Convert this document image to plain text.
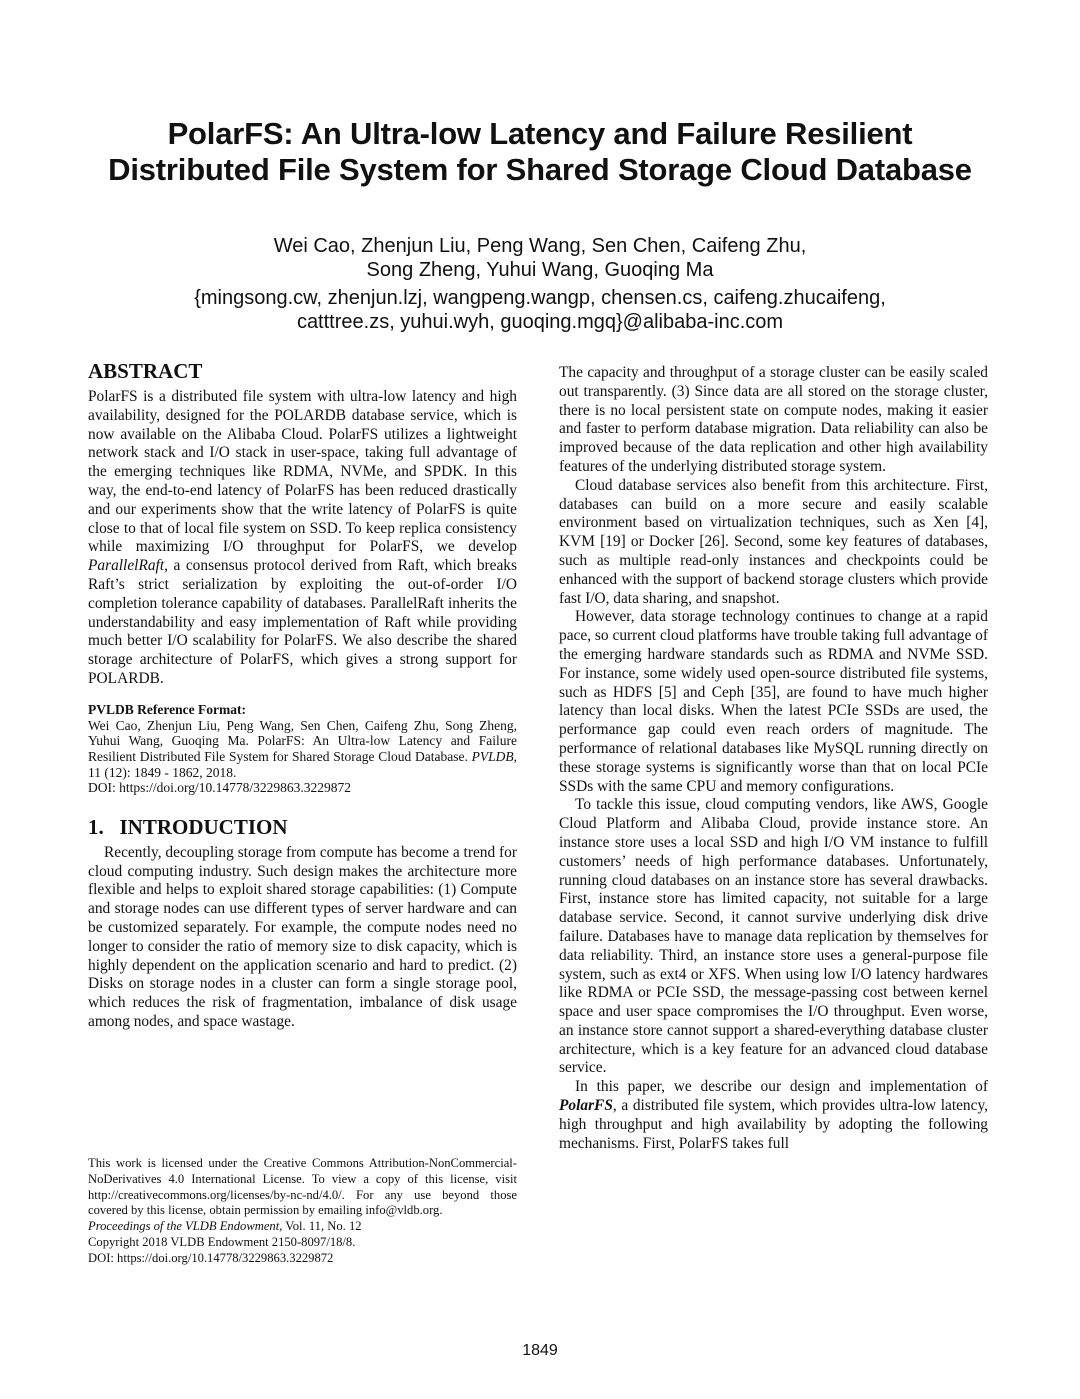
PolarFS: An Ultra-low Latency and Failure Resilient

Distributed File System for Shared Storage Cloud Database

Wei Cao, Zhenjun Liu, Peng Wang, Sen Chen, Caifeng Zhu,
Song Zheng, Yuhui Wang, Guoqing Ma
{mingsong.cw, zhenjun.lzj, wangpeng.wangp, chensen.cs, caifeng.zhucaifeng,
catttree.zs, yuhui.wyh, guoqing.mgq}@alibaba-inc.com
ABSTRACT

PolarFS is a distributed file system with ultra-low latency and high availability, designed for the POLARDB database service, which is now available on the Alibaba Cloud. PolarFS utilizes a lightweight network stack and I/O stack in user-space, taking full advantage of the emerging techniques like RDMA, NVMe, and SPDK. In this way, the end-to-end latency of PolarFS has been reduced drastically and our experiments show that the write latency of PolarFS is quite close to that of local file system on SSD. To keep replica consistency while maximizing I/O throughput for PolarFS, we develop ParallelRaft, a consensus protocol derived from Raft, which breaks Raft’s strict serialization by exploiting the out-of-order I/O completion tolerance capability of databases. ParallelRaft inherits the understandability and easy implementation of Raft while providing much better I/O scalability for PolarFS. We also describe the shared storage architecture of PolarFS, which gives a strong support for POLARDB.

PVLDB Reference Format:

Wei Cao, Zhenjun Liu, Peng Wang, Sen Chen, Caifeng Zhu, Song Zheng, Yuhui Wang, Guoqing Ma. PolarFS: An Ultra-low Latency and Failure Resilient Distributed File System for Shared Storage Cloud Database. PVLDB, 11 (12): 1849 - 1862, 2018.
DOI: https://doi.org/10.14778/3229863.3229872

1.   INTRODUCTION

Recently, decoupling storage from compute has become a trend for cloud computing industry. Such design makes the architecture more flexible and helps to exploit shared storage capabilities: (1) Compute and storage nodes can use different types of server hardware and can be customized separately. For example, the compute nodes need no longer to consider the ratio of memory size to disk capacity, which is highly dependent on the application scenario and hard to predict. (2) Disks on storage nodes in a cluster can form a single storage pool, which reduces the risk of fragmentation, imbalance of disk usage among nodes, and space wastage.

This work is licensed under the Creative Commons Attribution-NonCommercial-NoDerivatives 4.0 International License. To view a copy of this license, visit http://creativecommons.org/licenses/by-nc-nd/4.0/. For any use beyond those covered by this license, obtain permission by emailing info@vldb.org.

Proceedings of the VLDB Endowment, Vol. 11, No. 12

Copyright 2018 VLDB Endowment 2150-8097/18/8.

DOI: https://doi.org/10.14778/3229863.3229872

The capacity and throughput of a storage cluster can be easily scaled out transparently. (3) Since data are all stored on the storage cluster, there is no local persistent state on compute nodes, making it easier and faster to perform database migration. Data reliability can also be improved because of the data replication and other high availability features of the underlying distributed storage system.

Cloud database services also benefit from this architecture. First, databases can build on a more secure and easily scalable environment based on virtualization techniques, such as Xen [4], KVM [19] or Docker [26]. Second, some key features of databases, such as multiple read-only instances and checkpoints could be enhanced with the support of backend storage clusters which provide fast I/O, data sharing, and snapshot.

However, data storage technology continues to change at a rapid pace, so current cloud platforms have trouble taking full advantage of the emerging hardware standards such as RDMA and NVMe SSD. For instance, some widely used open-source distributed file systems, such as HDFS [5] and Ceph [35], are found to have much higher latency than local disks. When the latest PCIe SSDs are used, the performance gap could even reach orders of magnitude. The performance of relational databases like MySQL running directly on these storage systems is significantly worse than that on local PCIe SSDs with the same CPU and memory configurations.

To tackle this issue, cloud computing vendors, like AWS, Google Cloud Platform and Alibaba Cloud, provide instance store. An instance store uses a local SSD and high I/O VM instance to fulfill customers’ needs of high performance databases. Unfortunately, running cloud databases on an instance store has several drawbacks. First, instance store has limited capacity, not suitable for a large database service. Second, it cannot survive underlying disk drive failure. Databases have to manage data replication by themselves for data reliability. Third, an instance store uses a general-purpose file system, such as ext4 or XFS. When using low I/O latency hardwares like RDMA or PCIe SSD, the message-passing cost between kernel space and user space compromises the I/O throughput. Even worse, an instance store cannot support a shared-everything database cluster architecture, which is a key feature for an advanced cloud database service.

In this paper, we describe our design and implementation of PolarFS, a distributed file system, which provides ultra-low latency, high throughput and high availability by adopting the following mechanisms. First, PolarFS takes full

1849
